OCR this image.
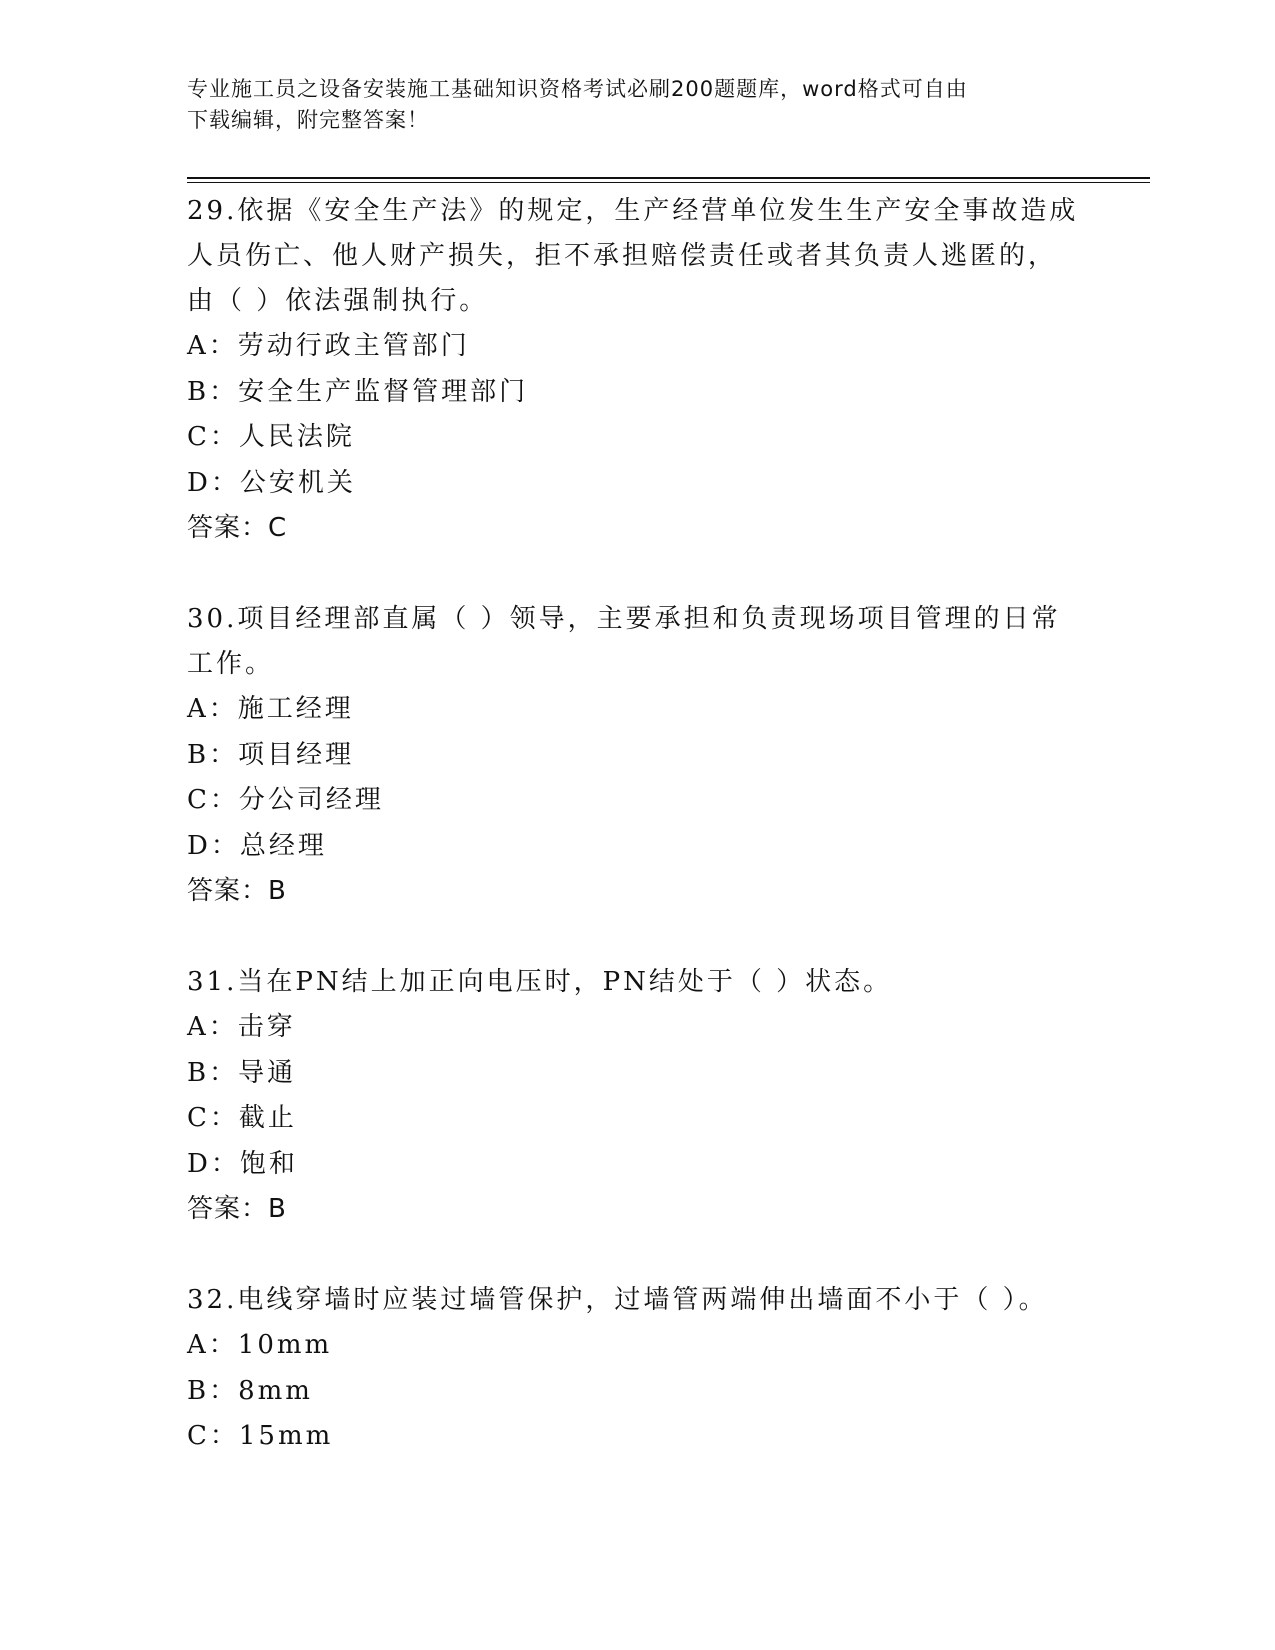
专业施工员之设备安装施工基础知识资格考试必刷200题题库，word格式可自由
下载编辑，附完整答案！

29.依据《安全生产法》的规定，生产经营单位发生生产安全事故造成

人员伤亡、他人财产损失，拒不承担赔偿责任或者其负责人逃匿的，

由（ ）依法强制执行。

A：劳动行政主管部门

B：安全生产监督管理部门

C：人民法院

D：公安机关

答案：C

30.项目经理部直属（ ）领导，主要承担和负责现场项目管理的日常

工作。

A：施工经理

B：项目经理

C：分公司经理

D：总经理

答案：B

31.当在PN结上加正向电压时，PN结处于（ ）状态。

A：击穿

B：导通

C：截止

D：饱和

答案：B

32.电线穿墙时应装过墙管保护，过墙管两端伸出墙面不小于（ ）。

A：10mm

B：8mm

C：15mm
